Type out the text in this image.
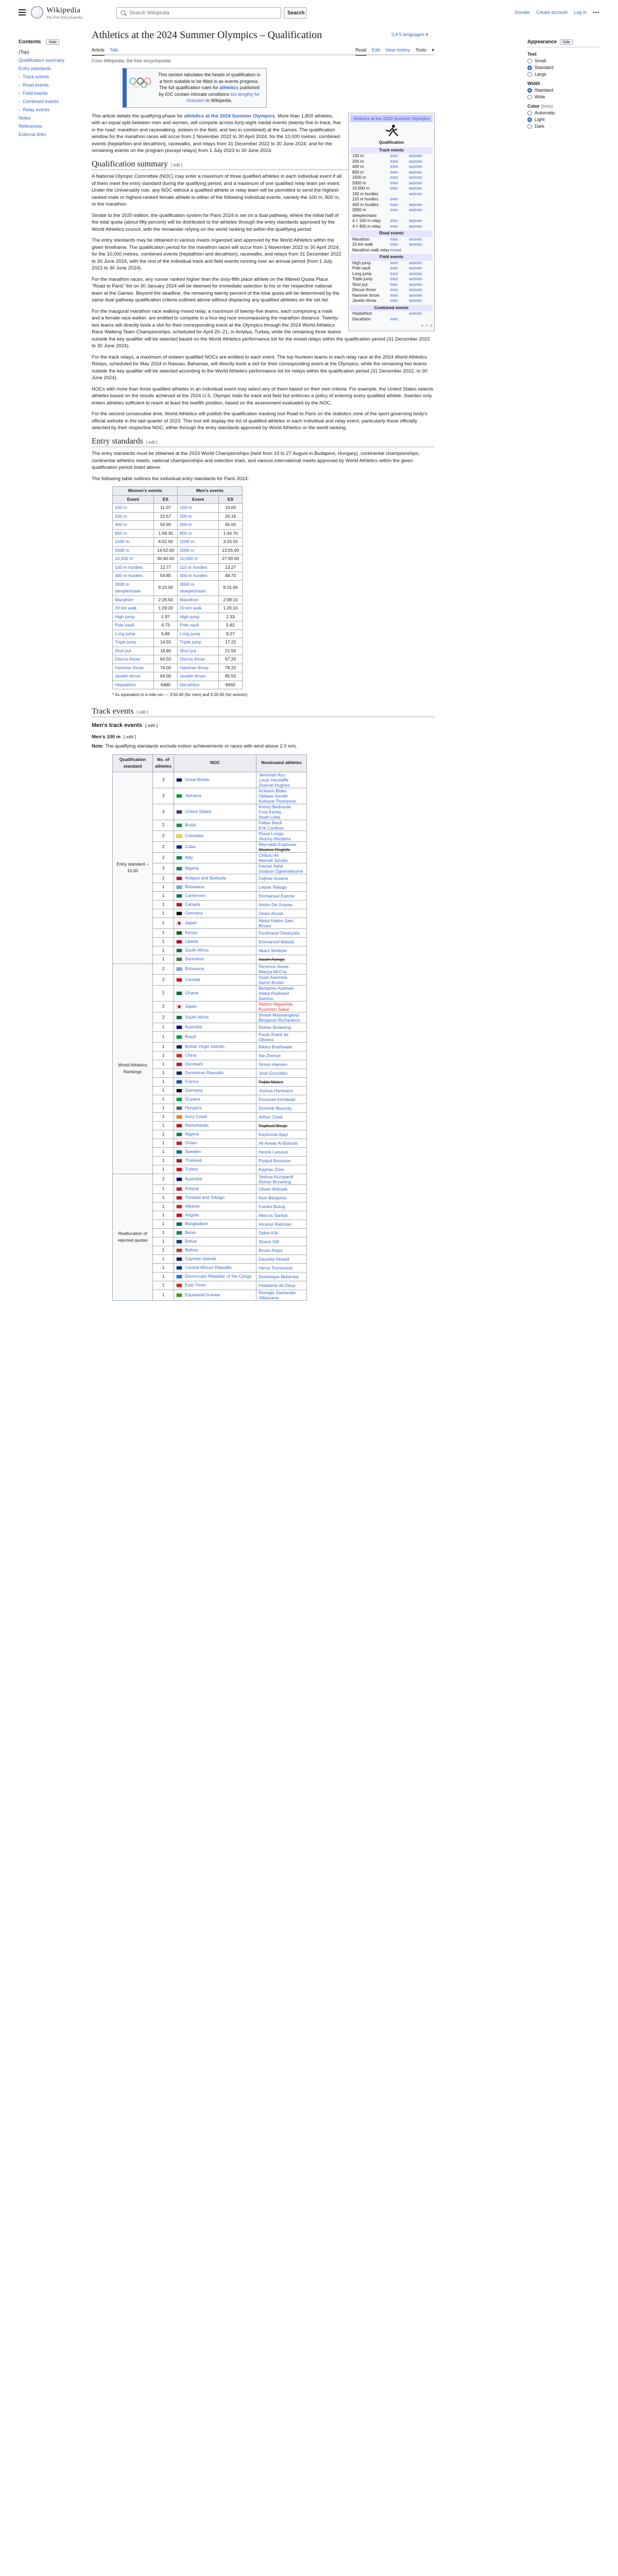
Wikipedia
The Free Encyclopedia
Search Wikipedia
Search	Donate Create account Log in •••
Contents hide
(Top)
Qualification summary
Entry standards
› Track events
› Road events
› Field events
› Combined events
› Relay events
Notes
References
External links
Athletics at the 2024 Summer Olympics – Qualification	文A 5 languages ▾
Article Talk	Read Edit View history Tools ▾
From Wikipedia, the free encyclopedia
Appearance hide
Text
Small
Standard
Large
Width
Standard
Wide
Color (beta)
Automatic
Light
Dark
This section tabulates the heads of qualification in a form suitable to be filled in as events progress.
The full qualification rules for athletics published by IOC contain intricate conditions too lengthy for inclusion in Wikipedia.
Athletics at the 2024 Summer Olympics
Qualification
Track events
100 m	men	women
200 m	men	women
400 m	men	women
800 m	men	women
1500 m	men	women
5000 m	men	women
10,000 m	men	women
100 m hurdles	women
110 m hurdles	men
400 m hurdles	men	women
3000 m steeplechase
men	women
4 × 100 m relay	men	women
4 × 400 m relay	men	women
Road events
Marathon	men	women
20 km walk	men	women
Marathon walk relay mixed
Field events
High jump	men	women
Pole vault	men	women
Long jump	men	women
Triple jump	men	women
Shot put	men	women
Discus throw	men	women
Hammer throw	men	women
Javelin throw	men	women
Combined events
Heptathlon	women
Decathlon	men
v · t · e

This article details the qualifying phase for athletics at the 2024 Summer Olympics. More than 1,800 athletes, with an equal split between men and women, will compete across forty-eight medal events (twenty-five in track, five in the road: marathon and racewalking, sixteen in the field, and two in combined) at the Games. The qualification window for the marathon races will occur from 1 November 2022 to 30 April 2024; for the 10,000 metres, combined events (heptathlon and decathlon), racewalks, and relays from 31 December 2022 to 30 June 2024; and for the remaining events on the program (except relays) from 1 July 2023 to 30 June 2024.

Qualification summary [ edit ]

A National Olympic Committee (NOC) may enter a maximum of three qualified athletes in each individual event if all of them meet the entry standard during the qualifying period, and a maximum of one qualified relay team per event. Under the Universality rule, any NOC without a qualified athlete or relay team will be permitted to send the highest-ranked male or highest-ranked female athlete to either of the following individual events, namely the 100 m, 800 m, or the marathon.

Similar to the 2020 edition, the qualification system for Paris 2024 is set on a dual pathway, where the initial half of the total quota (about fifty percent) will be distributed to the athletes through the entry standards approved by the World Athletics council, with the remainder relying on the world ranking list within the qualifying period.

The entry standards may be obtained in various meets organized and approved by the World Athletics within the given timeframe. The qualification period for the marathon races will occur from 1 November 2022 to 30 April 2024; for the 10,000 metres, combined events (heptathlon and decathlon), racewalks, and relays from 31 December 2022 to 30 June 2024, with the rest of the individual track and field events running over an annual period (from 1 July 2023 to 30 June 2024).

For the marathon races, any runner ranked higher than the sixty-fifth place athlete on the filtered Quota Place "Road to Paris" list on 30 January 2024 will be deemed for immediate selection to his or her respective national team at the Games. Beyond the deadline, the remaining twenty percent of the total quota will be determined by the same dual pathway qualification criteria outlined above without displacing any qualified athletes on the set list.

For the inaugural marathon race walking mixed relay, a maximum of twenty-five teams, each comprising a male and a female race walker, are entitled to compete in a four-leg race encompassing the marathon distance. Twenty-two teams will directly book a slot for their corresponding event at the Olympics through the 2024 World Athletics Race Walking Team Championships, scheduled for April 20–21, in Antalya, Turkey, while the remaining three teams outside the key qualifier will be selected based on the World Athletics performance list for the mixed relays within the qualification period (31 December 2022 to 30 June 2024).

For the track relays, a maximum of sixteen qualified NOCs are entitled to each event. The top fourteen teams in each relay race at the 2024 World Athletics Relays, scheduled for May 2024 in Nassau, Bahamas, will directly book a slot for their corresponding event at the Olympics, while the remaining two teams outside the key qualifier will be selected according to the World Athletics performance list for relays within the qualification period (31 December 2022, to 30 June 2024).

NOCs with more than three qualified athletes in an individual event may select any of them based on their own criteria. For example, the United States selects athletes based on the results achieved at the 2024 U.S. Olympic trials for track and field but enforces a policy of entering every qualified athlete. Sweden only enters athletes sufficient to reach at least the twelfth position, based on the assessment evaluated by the NOC.

For the second consecutive time, World Athletics will publish the qualification tracking tool Road to Paris on the statistics zone of the sport governing body's official website in the last quarter of 2023. This tool will display the list of qualified athletes in each individual and relay event, particularly those officially selected by their respective NOC, either through the entry standards approved by World Athletics or the world ranking.

Entry standards [ edit ]

The entry standards must be obtained at the 2023 World Championships (held from 19 to 27 August in Budapest, Hungary), continental championships, continental athletics meets, national championships and selection trials, and various international meets approved by World Athletics within the given qualification period listed above.

The following table outlines the individual entry standards for Paris 2024:

Women's events		Men's events	
Event	ES	Event	ES
100 m	11.07	100 m	10.00
200 m	22.57	200 m	20.16
400 m	50.95	400 m	45.00
800 m	1:59.30	800 m	1:44.70
1500 m	4:02.50	1500 m	3:33.50
5000 m	14:52.00	5000 m	13:05.00
10,000 m	30:40.00	10,000 m	27:00.00
100 m hurdles	12.77	110 m hurdles	13.27
400 m hurdles	54.85	400 m hurdles	48.70
3000 m steeplechase	9:23.00	3000 m steeplechase	8:15.00
Marathon	2:26:50	Marathon	2:08:10
20 km walk	1:29:20	20 km walk	1:20:10
High jump	1.97	High jump	2.33
Pole vault	4.73	Pole vault	5.82
Long jump	6.86	Long jump	8.27
Triple jump	14.55	Triple jump	17.22
Shot put	18.80	Shot put	21.50
Discus throw	64.50	Discus throw	67.20
Hammer throw	74.00	Hammer throw	78.20
Javelin throw	64.00	Javelin throw	85.50
Heptathlon	6480	Decathlon	8460
* As equivalent to a mile run — 3:50.40 (for men) and 4:20.90 (for women)
Track events [ edit ]
Men's track events [ edit ]
Men's 100 m [ edit ]

Note: The qualifying standards exclude indoor achievements or races with wind above 2.0 m/s.

Qualification standard	No. of athletes	NOC	Nominated athletes
Entry standard – 10.00	3	Great Britain	Jeremiah Azu
Louie Hinchliffe
Zharnel Hughes
	3	Jamaica	Ackeem Blake
Oblique Seville
Kishane Thompson
	3	United States	Kenny Bednarek
Fred Kerley
Noah Lyles
	2	Brazil	Felipe Bardi
Erik Cardoso
	2	Colombia	Ronal Longa
Jhonny Rentería
	2	Cuba	Reynaldo Espinosa
Shainer Reginfo
	2	Italy	Chituru Ali
Marcell Jacobs
	2	Nigeria	Favour Ashe
Godson Oghenebrume
	1	Antigua and Barbuda	Cejhae Greene
	1	Botswana	Letsile Tebogo
	1	Cameroon	Emmanuel Eseme
	1	Canada	Andre De Grasse
	1	Germany	Owen Ansah
	1	Japan	Abdul Hakim Sani Brown
	1	Kenya	Ferdinand Omanyala
	1	Liberia	Emmanuel Matadi
	1	South Africa	Akani Simbine
	1	Suriname	Issam Asinga
World Athletics Rankings	2	Botswana	Terrence Jones
Wanya McCoy
	2	Canada	Duan Asemota
Aaron Brown
	2	Ghana	Benjamin Azamati
Abdul-Rasheed Saminu
	2	Japan	Akihiro Higashida
Ryuichiro Sakai
	2	South Africa	Shaun Maswanganyi
Benjamin Richardson
	1	Australia	Rohan Browning
	1	Brazil	Paulo André de Oliveira
	1	British Virgin Islands	Rikkoi Brathwaite
	1	China	Xie Zhenye
	1	Denmark	Simon Hansen
	1	Dominican Republic	José González
	1	France	Pablo Mateo
	1	Germany	Joshua Hartmann
	1	Guyana	Emanuel Archibald
	1	Hungary	Dominik Illovszky
	1	Ivory Coast	Arthur Cissé
	1	Netherlands	Raphael Bouju
	1	Nigeria	Kayinsola Ajayi
	1	Oman	Ali Anwar Al-Balushi
	1	Sweden	Henrik Larsson
	1	Thailand	Puripol Boonson
	1	Turkey	Kayhan Özer
Reallocation of rejected quotas	2	Australia	Joshua Azzopardi
Rohan Browning
	1	Poland	Oliwer Wdowik
	1	Trinidad and Tobago	Kion Benjamin
	1	Albania	Franko Burraj
	1	Angola	Marcos Santos
	1	Bangladesh	Imranur Rahman
	1	Benin	Didier Kiki
	1	Belize	Shaun Gill
	1	Bolivia	Bruno Rojas
	1	Cayman Islands	Davonte Howell
	1	Central African Republic	Herve Tounoumsi
	1	Democratic Republic of the Congo	Dominique Mulamba
	1	East Timor	Felisberto de Deus
	1	Equatorial Guinea	Romigio Santander Villanueva
